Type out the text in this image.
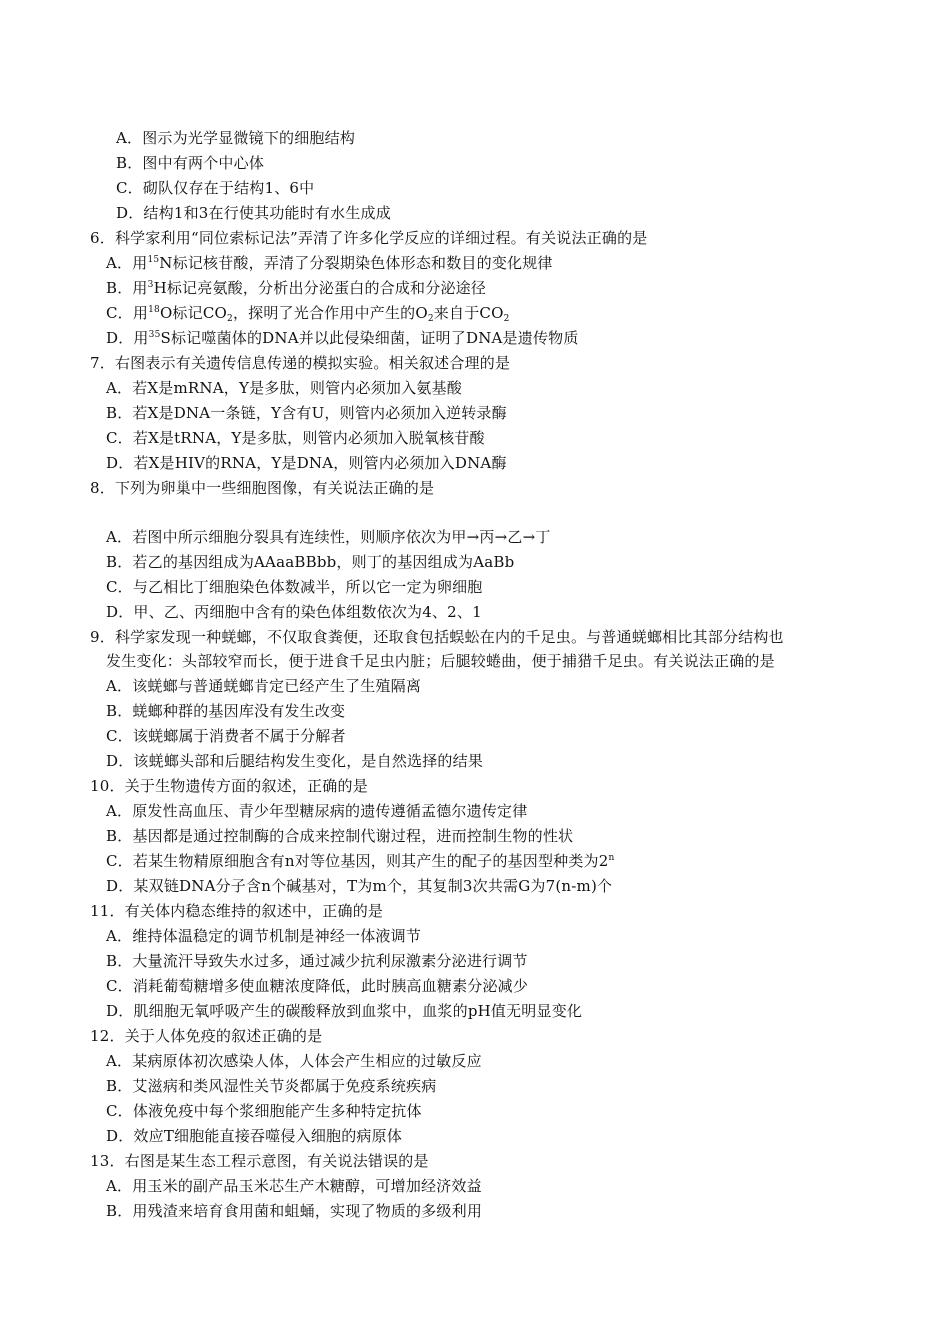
A．图示为光学显微镜下的细胞结构
B．图中有两个中心体
C．砌队仅存在于结构1、6中
D．结构1和3在行使其功能时有水生成成
6．科学家利用“同位索标记法”弄清了许多化学反应的详细过程。有关说法正确的是
A．用$^{15}$N标记核苷酸，弄清了分裂期染色体形态和数目的变化规律
B．用$^3$H标记亮氨酸，分析出分泌蛋白的合成和分泌途径
C．用$^{18}$O标记$CO_2$，探明了光合作用中产生的$O_2$来自于$CO_2$
D．用$^{35}$S标记噬菌体的DNA并以此侵染细菌，证明了DNA是遗传物质
7．右图表示有关遗传信息传递的模拟实验。相关叙述合理的是
A．若X是mRNA，Y是多肽，则管内必须加入氨基酸
B．若X是DNA一条链，Y含有U，则管内必须加入逆转录酶
C．若X是tRNA，Y是多肽，则管内必须加入脱氧核苷酸
D．若X是HIV的RNA，Y是DNA，则管内必须加入DNA酶
8．下列为卵巢中一些细胞图像，有关说法正确的是
A．若图中所示细胞分裂具有连续性，则顺序依次为甲→丙→乙→丁
B．若乙的基因组成为AAaaBBbb，则丁的基因组成为AaBb
C．与乙相比丁细胞染色体数减半，所以它一定为卵细胞
D．甲、乙、丙细胞中含有的染色体组数依次为4、2、1
9．科学家发现一种蜣螂，不仅取食粪便，还取食包括蜈蚣在内的千足虫。与普通蜣螂相比其部分结构也
发生变化：头部较窄而长，便于进食千足虫内脏；后腿较蜷曲，便于捕猎千足虫。有关说法正确的是
A．该蜣螂与普通蜣螂肯定已经产生了生殖隔离
B．蜣螂种群的基因库没有发生改变
C．该蜣螂属于消费者不属于分解者
D．该蜣螂头部和后腿结构发生变化，是自然选择的结果
10．关于生物遗传方面的叙述，正确的是
A．原发性高血压、青少年型糖尿病的遗传遵循孟德尔遗传定律
B．基因都是通过控制酶的合成来控制代谢过程，进而控制生物的性状
C．若某生物精原细胞含有n对等位基因，则其产生的配子的基因型种类为2$^n$
D．某双链DNA分子含n个碱基对，T为m个，其复制3次共需G为7(n-m)个
11．有关体内稳态维持的叙述中，正确的是
A．维持体温稳定的调节机制是神经一体液调节
B．大量流汗导致失水过多，通过减少抗利尿激素分泌进行调节
C．消耗葡萄糖增多使血糖浓度降低，此时胰高血糖素分泌减少
D．肌细胞无氧呼吸产生的碳酸释放到血浆中，血浆的pH值无明显变化
12．关于人体免疫的叙述正确的是
A．某病原体初次感染人体，人体会产生相应的过敏反应
B．艾滋病和类风湿性关节炎都属于免疫系统疾病
C．体液免疫中每个浆细胞能产生多种特定抗体
D．效应T细胞能直接吞噬侵入细胞的病原体
13．右图是某生态工程示意图，有关说法错误的是
A．用玉米的副产品玉米芯生产木糖醇，可增加经济效益
B．用残渣来培育食用菌和蛆蛹，实现了物质的多级利用
